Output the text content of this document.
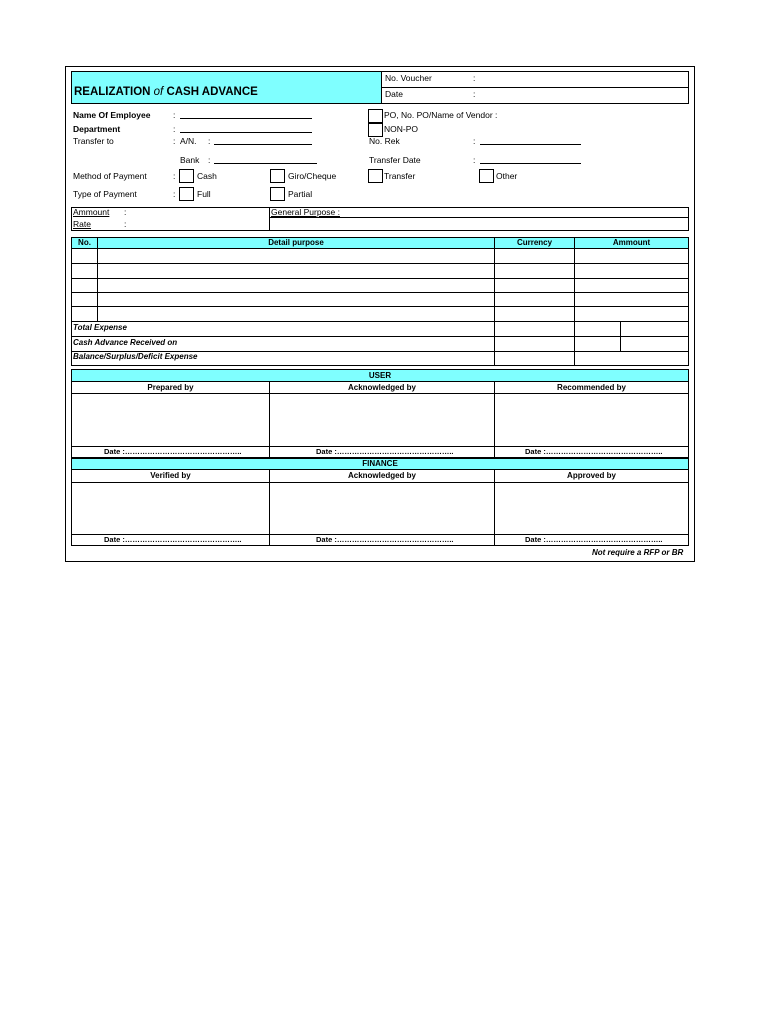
REALIZATION of CASH ADVANCE
No. Voucher	:
Date	:
Name Of Employee	:
Department	:
Transfer to	: A/N. :
Bank :
PO, No. PO/Name of Vendor :
NON-PO
No. Rek	:
Transfer Date	:
Method of Payment	:	Cash	Giro/Cheque	Transfer	Other
Type of Payment	:	Full	Partial
Ammount :
Rate	:
General Purpose :
No.	Detail purpose	Currency	Ammount
Total Expense
Cash Advance Received on
Balance/Surplus/Deficit Expense
USER
Prepared by	Acknowledged by	Recommended by
Date :………………………………………..	Date :………………………………………..	Date :………………………………………..
FINANCE
Verified by	Acknowledged by	Approved by
Date :………………………………………..	Date :………………………………………..	Date :………………………………………..
Not require a RFP or BR
